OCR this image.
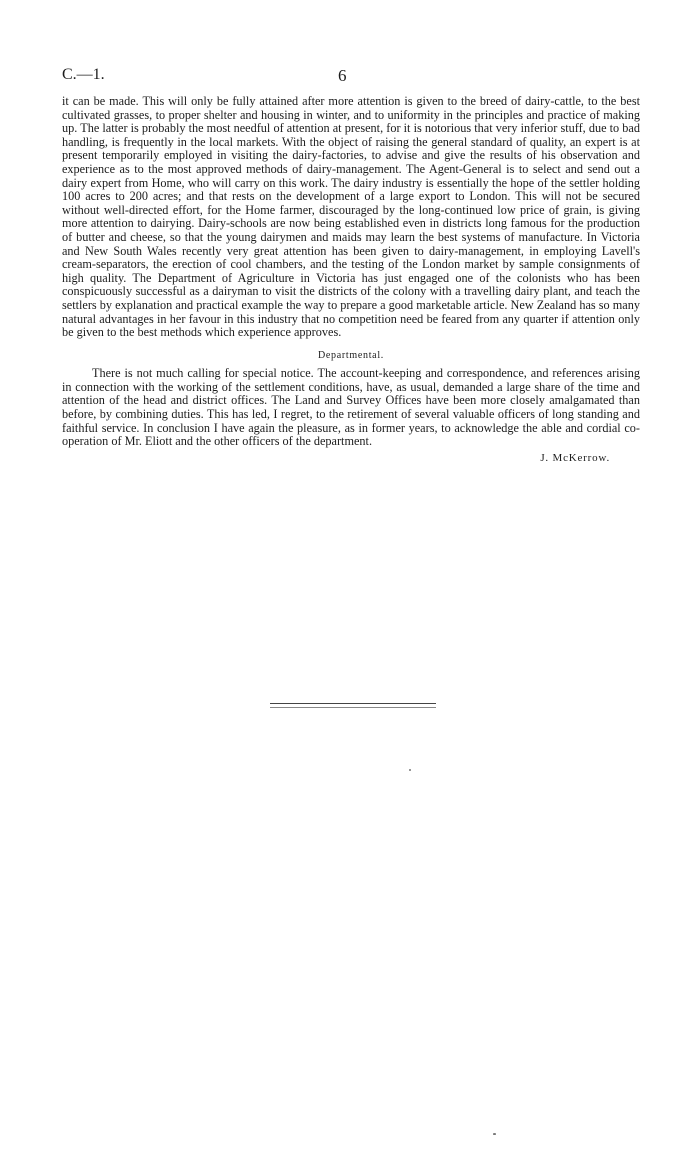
C.—1.	6

it can be made. This will only be fully attained after more attention is given to the breed of dairy-cattle, to the best cultivated grasses, to proper shelter and housing in winter, and to uniformity in the principles and practice of making up. The latter is probably the most needful of attention at present, for it is notorious that very inferior stuff, due to bad handling, is frequently in the local markets. With the object of raising the general standard of quality, an expert is at present temporarily employed in visiting the dairy-factories, to advise and give the results of his observation and experience as to the most approved methods of dairy-management. The Agent-General is to select and send out a dairy expert from Home, who will carry on this work. The dairy industry is essentially the hope of the settler holding 100 acres to 200 acres; and that rests on the development of a large export to London. This will not be secured without well-directed effort, for the Home farmer, discouraged by the long-continued low price of grain, is giving more attention to dairying. Dairy-schools are now being established even in districts long famous for the production of butter and cheese, so that the young dairymen and maids may learn the best systems of manufacture. In Victoria and New South Wales recently very great attention has been given to dairy-management, in employing Lavell's cream-separators, the erection of cool chambers, and the testing of the London market by sample consignments of high quality. The Department of Agriculture in Victoria has just engaged one of the colonists who has been conspicuously successful as a dairyman to visit the districts of the colony with a travelling dairy plant, and teach the settlers by explanation and practical example the way to prepare a good marketable article. New Zealand has so many natural advantages in her favour in this industry that no competition need be feared from any quarter if attention only be given to the best methods which experience approves.

Departmental.

There is not much calling for special notice. The account-keeping and correspondence, and references arising in connection with the working of the settlement conditions, have, as usual, demanded a large share of the time and attention of the head and district offices. The Land and Survey Offices have been more closely amalgamated than before, by combining duties. This has led, I regret, to the retirement of several valuable officers of long standing and faithful service. In conclusion I have again the pleasure, as in former years, to acknowledge the able and cordial co-operation of Mr. Eliott and the other officers of the department.

J. McKerrow.
